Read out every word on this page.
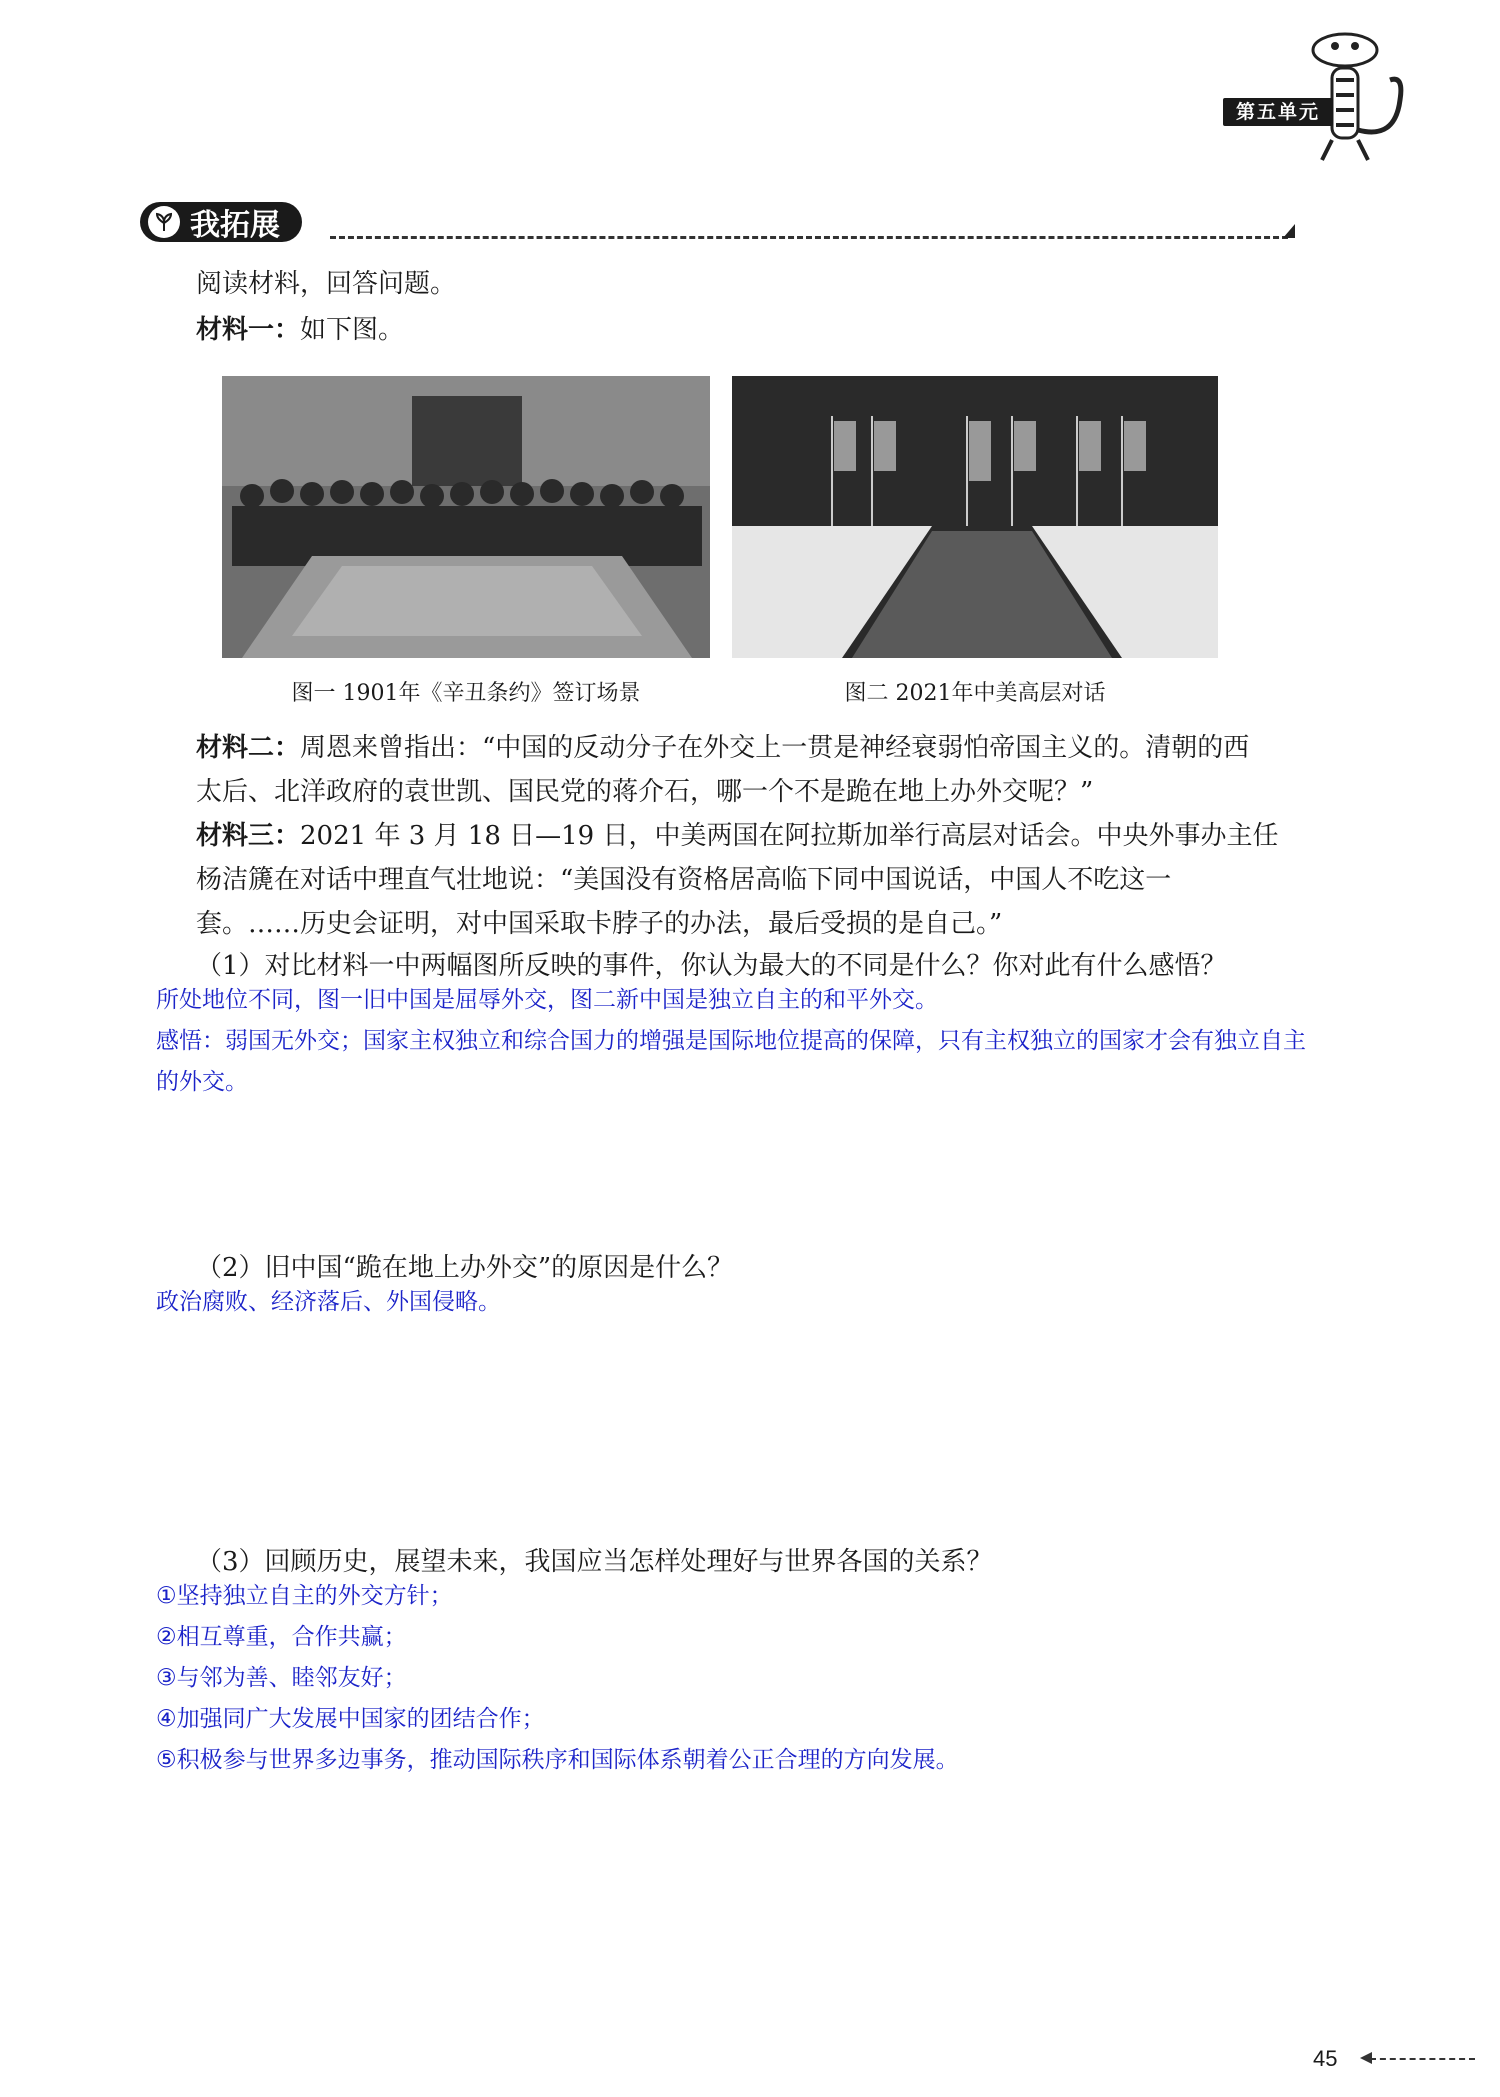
第五单元
我拓展
阅读材料，回答问题。
材料一：如下图。
图一 1901年《辛丑条约》签订场景	图二 2021年中美高层对话
材料二：周恩来曾指出：“中国的反动分子在外交上一贯是神经衰弱怕帝国主义的。清朝的西
太后、北洋政府的袁世凯、国民党的蒋介石，哪一个不是跪在地上办外交呢？”
材料三：2021 年 3 月 18 日—19 日，中美两国在阿拉斯加举行高层对话会。中央外事办主任
杨洁篪在对话中理直气壮地说：“美国没有资格居高临下同中国说话，中国人不吃这一
套。……历史会证明，对中国采取卡脖子的办法，最后受损的是自己。”
（1）对比材料一中两幅图所反映的事件，你认为最大的不同是什么？你对此有什么感悟？
所处地位不同，图一旧中国是屈辱外交，图二新中国是独立自主的和平外交。
感悟：弱国无外交；国家主权独立和综合国力的增强是国际地位提高的保障，只有主权独立的国家才会有独立自主
的外交。
（2）旧中国“跪在地上办外交”的原因是什么？
政治腐败、经济落后、外国侵略。
（3）回顾历史，展望未来，我国应当怎样处理好与世界各国的关系？
①坚持独立自主的外交方针；
②相互尊重，合作共赢；
③与邻为善、睦邻友好；
④加强同广大发展中国家的团结合作；
⑤积极参与世界多边事务，推动国际秩序和国际体系朝着公正合理的方向发展。
45
